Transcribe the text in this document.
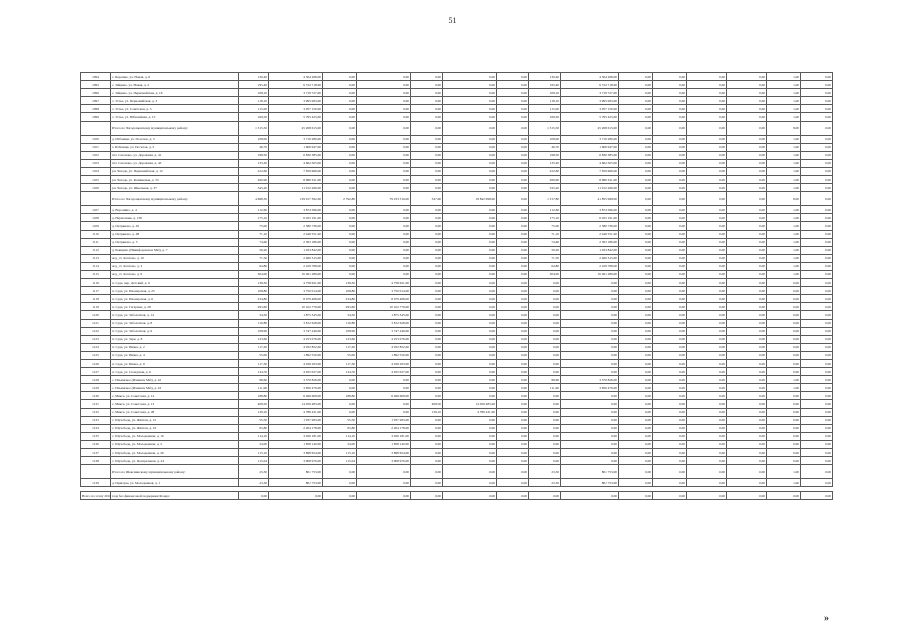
51
1094	с. Берешне, ул. Новая, д. 6	130,40	4 564 268,00	0,00	0,00	0,00	0,00	0,00	130,40	4 564 268,00	0,00	0,00	0,00	0,00	1,00	0,00
1095	с. Зайцево, ул. Новая, д. 2	195,40	6 722 718,00	0,00	0,00	0,00	0,00	0,00	195,40	6 722 718,00	0,00	0,00	0,00	0,00	1,00	0,00
1096	с. Зайцево, ул. Первомайская, д. 16	108,10	3 719 727,00	0,00	0,00	0,00	0,00	0,00	108,10	3 719 727,00	0,00	0,00	0,00	0,00	1,00	0,00
1097	с. Устье, ул. Первомайская, д. 3	118,10	3 995 063,00	0,00	0,00	0,00	0,00	0,00	118,10	3 995 063,00	0,00	0,00	0,00	0,00	1,00	0,00
1098	с. Устье, ул. Советская, д. 3	115,00	3 957 150,00	0,00	0,00	0,00	0,00	0,00	115,00	3 957 150,00	0,00	0,00	0,00	0,00	1,00	0,00
1099	с. Устье, ул. Юбилейная, д. 15	169,50	5 795 425,00	0,00	0,00	0,00	0,00	0,00	169,50	5 795 425,00	0,00	0,00	0,00	0,00	1,00	0,00
	Итого по Чагодощенскому муниципальному району:	1 315,50	45 268 615,00	0,00	0,00	0,00	0,00	0,00	1 315,50	45 268 615,00	0,00	0,00	0,00	0,00	8,00	0,00
1100	д. Избоищи, ул. Поселок, д. 3	108,00	3 716 280,00	0,00	0,00	0,00	0,00	0,00	108,00	3 716 280,00	0,00	0,00	0,00	0,00	1,00	0,00
1101	з. Избоищи, ул. Поселок, д. 5	46,70	1 606 947,00	0,00	0,00	0,00	0,00	0,00	46,70	1 606 947,00	0,00	0,00	0,00	0,00	1,00	0,00
1102	пгт. Сазоново, ул. Дорожная, д. 41	198,50	6 830 385,00	0,00	0,00	0,00	0,00	0,00	198,50	6 830 385,00	0,00	0,00	0,00	0,00	1,00	0,00
1103	пгт. Сазоново, ул. Дорожная, д. 43	135,20	4 662 505,00	0,00	0,00	0,00	0,00	0,00	135,20	4 662 505,00	0,00	0,00	0,00	0,00	1,00	0,00
1104	рп. Чагода, ул. Первомайская, д. 12	222,60	7 659 666,00	0,00	0,00	0,00	0,00	0,00	222,60	7 659 666,00	0,00	0,00	0,00	0,00	1,00	0,00
1105	рп. Чагода, ул. Речниковая, д. 33	260,90	8 986 321,00	0,00	0,00	0,00	0,00	0,00	260,90	8 986 321,00	0,00	0,00	0,00	0,00	1,00	0,00
1106	рп. Чагода, ул. Школьная, д. 37	345,20	11 912 269,00	0,00	0,00	0,00	0,00	0,00	345,20	11 912 269,00	0,00	0,00	0,00	0,00	1,00	0,00
	Итого по Чагодощенскому муниципальному району:	4 668,30	139 917 392,00	2 792,80	79 233 316,00	347,60	18 842 998,00	0,00	1 317,80	41 855 998,00	0,00	0,00	0,00	0,00	8,00	0,00
1107	д. Воронино, д. 4	112,60	3 874 566,00	0,00	0,00	0,00	0,00	0,00	112,60	3 874 566,00	0,00	0,00	0,00	0,00	1,00	0,00
1108	д. Неумоткин, д. 138	175,10	6 025 191,00	0,00	0,00	0,00	0,00	0,00	175,10	6 025 191,00	0,00	0,00	0,00	0,00	1,00	0,00
1109	д. Петряково, д. 45	75,00	2 580 736,00	0,00	0,00	0,00	0,00	0,00	75,00	2 580 736,00	0,00	0,00	0,00	0,00	1,00	0,00
1110	д. Петряково, д. 48	71,10	2 446 551,00	0,00	0,00	0,00	0,00	0,00	71,10	2 446 551,00	0,00	0,00	0,00	0,00	1,00	0,00
1111	д. Петряково, д. 5	74,60	2 563 186,00	0,00	0,00	0,00	0,00	0,00	74,60	2 563 186,00	0,00	0,00	0,00	0,00	1,00	0,00
1112	д. Рекщино (Никифоровское МО), д. 7	56,20	1 933 842,00	0,00	0,00	0,00	0,00	0,00	56,20	1 933 842,00	0,00	0,00	0,00	0,00	1,00	0,00
1113	ж/д_ст. Хохлово, д. 10	71,50	2 460 315,00	0,00	0,00	0,00	0,00	0,00	71,50	2 460 315,00	0,00	0,00	0,00	0,00	1,00	0,00
1114	ж/д_ст. Хохлово, д. 3	64,80	2 229 768,00	0,00	0,00	0,00	0,00	0,00	64,80	2 229 768,00	0,00	0,00	0,00	0,00	1,00	0,00
1115	ж/д_ст. Хохлово, д. 6	304,00	10 461 286,00	0,00	0,00	0,00	0,00	0,00	304,00	10 461 286,00	0,00	0,00	0,00	0,00	1,00	0,00
1116	п. Суда, пер. Детский, д. 6	138,30	4 758 621,00	138,30	4 758 621,00	0,00	0,00	0,00	0,00	0,00	0,00	0,00	0,00	0,00	0,00	0,00
1117	п. Суда, ул. Пионерская, д. 25	108,80	3 750 014,00	108,80	3 750 014,00	0,00	0,00	0,00	0,00	0,00	0,00	0,00	0,00	0,00	0,00	0,00
1118	п. Суда, ул. Пионерская, д. 6	234,80	8 079 468,00	234,80	8 079 468,00	0,00	0,00	0,00	0,00	0,00	0,00	0,00	0,00	0,00	0,00	0,00
1119	п. Суда, ул. Гагарина, д. 28	293,60	10 102 776,00	293,60	10 102 776,00	0,00	0,00	0,00	0,00	0,00	0,00	0,00	0,00	0,00	0,00	0,00
1120	п. Суда, ул. Заболотная, д. 14	54,50	1 875 345,00	54,50	1 875 345,00	0,00	0,00	0,00	0,00	0,00	0,00	0,00	0,00	0,00	0,00	0,00
1121	п. Суда, ул. Заболотная, д. 8	110,80	3 812 628,00	110,80	3 812 628,00	0,00	0,00	0,00	0,00	0,00	0,00	0,00	0,00	0,00	0,00	0,00
1122	п. Суда, ул. Заболотная, д. 9	108,90	3 747 249,00	108,90	3 747 249,00	0,00	0,00	0,00	0,00	0,00	0,00	0,00	0,00	0,00	0,00	0,00
1123	п. Суда, ул. Заря, д. 8	123,60	4 253 076,00	123,60	4 253 076,00	0,00	0,00	0,00	0,00	0,00	0,00	0,00	0,00	0,00	0,00	0,00
1124	п. Суда, ул. Ивана, д. 2	117,20	4 032 852,00	117,20	4 032 852,00	0,00	0,00	0,00	0,00	0,00	0,00	0,00	0,00	0,00	0,00	0,00
1125	п. Суда, ул. Ивана, д. 4	55,00	1 892 550,00	55,00	1 892 550,00	0,00	0,00	0,00	0,00	0,00	0,00	0,00	0,00	0,00	0,00	0,00
1126	п. Суда, ул. Ивана, д. 9	117,30	4 036 293,00	117,30	4 036 293,00	0,00	0,00	0,00	0,00	0,00	0,00	0,00	0,00	0,00	0,00	0,00
1127	п. Суда, ул. Складская, д. 6	134,70	4 635 027,00	134,70	4 635 027,00	0,00	0,00	0,00	0,00	0,00	0,00	0,00	0,00	0,00	0,00	0,00
1128	с. Ильинское (Ильинск МО), д. 42	98,60	3 370 826,00	0,00	0,00	0,00	0,00	0,00	98,60	3 370 826,00	0,00	0,00	0,00	0,00	1,00	0,00
1129	с. Ильинское (Ильинск МО), д. 43	111,90	3 850 479,00	0,00	0,00	0,00	0,00	0,00	111,90	3 850 479,00	0,00	0,00	0,00	0,00	1,00	0,00
1130	с. Мякса, ул. Советская, д. 12	188,80	6 496 608,00	188,80	6 496 608,00	0,00	0,00	0,00	0,00	0,00	0,00	0,00	0,00	0,00	0,00	0,00
1131	с. Мякса, ул. Советская, д. 13	408,50	14 056 485,00	0,00	0,00	408,50	14 056 485,00	0,00	0,00	0,00	0,00	0,00	0,00	0,00	0,00	0,00
1132	с. Мякса, ул. Советская, д. 28	139,10	4 786 431,00	0,00	0,00	139,10	4 786 431,00	0,00	0,00	0,00	0,00	0,00	0,00	0,00	0,00	0,00
1133	с. Шухободь, ул. Жёлтая, д. 12	55,50	1 937 283,00	55,50	1 937 283,00	0,00	0,00	0,00	0,00	0,00	0,00	0,00	0,00	0,00	0,00	0,00
1134	с. Шухободь, ул. Жёлтая, д. 23	65,80	2 264 178,00	65,80	2 264 178,00	0,00	0,00	0,00	0,00	0,00	0,00	0,00	0,00	0,00	0,00	0,00
1135	с. Шухободь, ул. Молодежная, д. 10	114,10	3 926 181,00	114,10	3 926 181,00	0,00	0,00	0,00	0,00	0,00	0,00	0,00	0,00	0,00	0,00	0,00
1136	с. Шухободь, ул. Молодежная, д. 2	54,00	1 858 140,00	54,00	1 858 140,00	0,00	0,00	0,00	0,00	0,00	0,00	0,00	0,00	0,00	0,00	0,00
1137	с. Шухободь, ул. Молодежная, д. 29	115,10	3 898 654,00	115,10	3 898 654,00	0,00	0,00	0,00	0,00	0,00	0,00	0,00	0,00	0,00	0,00	0,00
1138	с. Шухободь, ул. Центральная, д. 24	115,04	3 908 976,00	115,04	3 908 976,00	0,00	0,00	0,00	0,00	0,00	0,00	0,00	0,00	0,00	0,00	0,00
	Итого по Шекснинскому муниципальному району:	23,30	801 753,00	0,00	0,00	0,00	0,00	0,00	23,30	801 753,00	0,00	0,00	0,00	0,00	1,00	0,00
1139	д. Пригоры, ул. Молодежная, д. 1	23,30	801 753,00	0,00	0,00	0,00	0,00	0,00	23,30	801 753,00	0,00	0,00	0,00	0,00	1,00	0,00

Всего по этапу 2016 года без финансовой поддержки Фонда:		0,00	0,00	0,00	0,00	0,00	0,00	0,00	0,00	0,00	0,00	0,00	0,00	0,00	0,00	0,00
»
